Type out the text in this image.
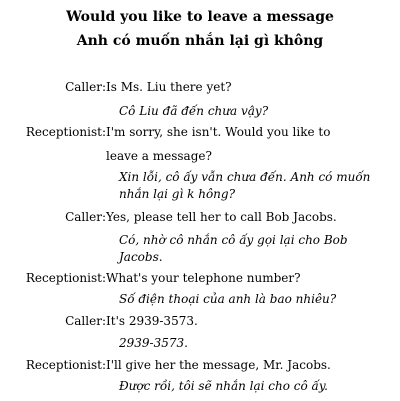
Would you like to leave a message
Anh có muốn nhắn lại gì không
Caller: Is Ms. Liu there yet?
Cô Liu đã đến chưa vậy?
Receptionist: I'm sorry, she isn't. Would you like to
leave a message?
Xin lỗi, cô ấy vẫn chưa đến. Anh có muốn
nhắn lại gì k hông?
Caller: Yes, please tell her to call Bob Jacobs.
Có, nhờ cô nhắn cô ấy gọi lại cho Bob
Jacobs.
Receptionist: What's your telephone number?
Số điện thoại của anh là bao nhiêu?
Caller: It's 2939-3573.
2939-3573.
Receptionist: I'll give her the message, Mr. Jacobs.
Được rồi, tôi sẽ nhắn lại cho cô ấy.
